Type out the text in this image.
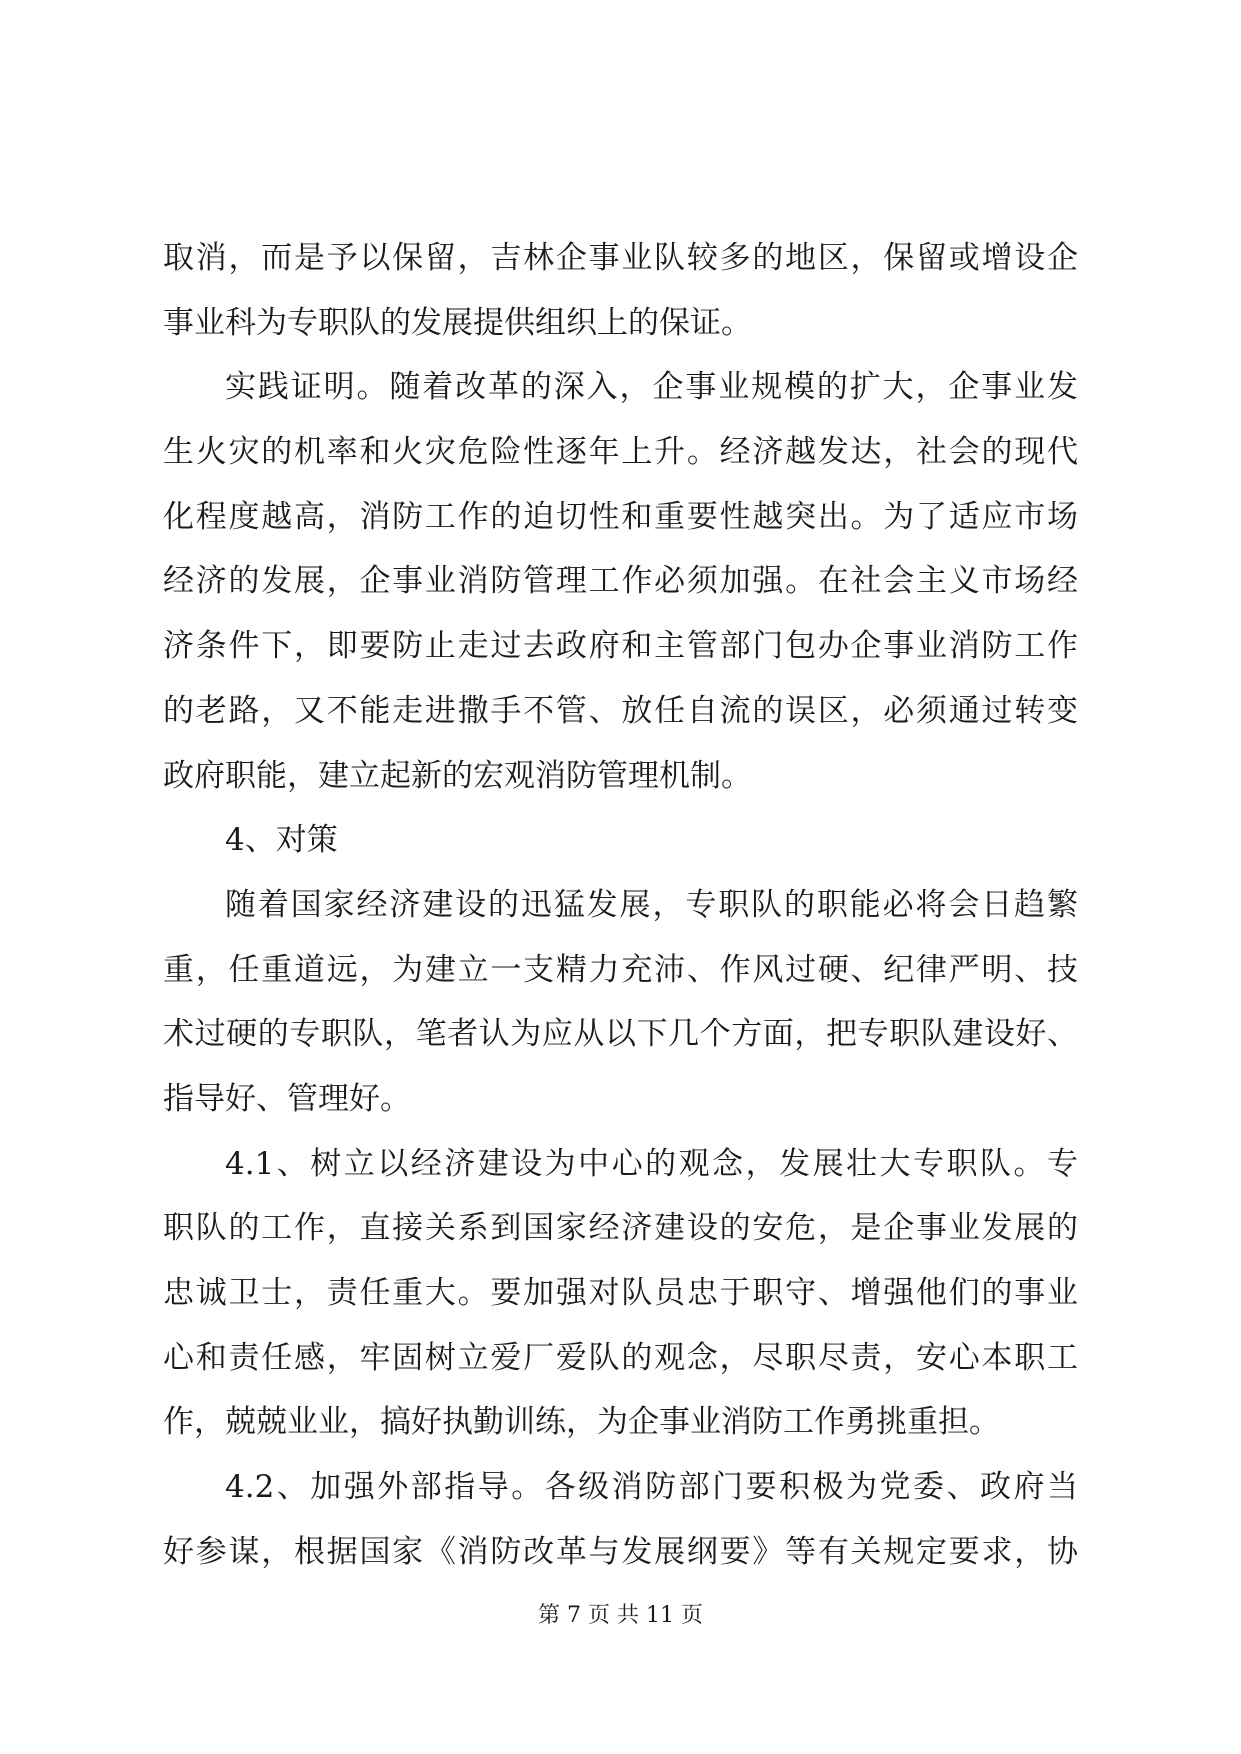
取消，而是予以保留，吉林企事业队较多的地区，保留或增设企
事业科为专职队的发展提供组织上的保证。
实践证明。随着改革的深入，企事业规模的扩大，企事业发
生火灾的机率和火灾危险性逐年上升。经济越发达，社会的现代
化程度越高，消防工作的迫切性和重要性越突出。为了适应市场
经济的发展，企事业消防管理工作必须加强。在社会主义市场经
济条件下，即要防止走过去政府和主管部门包办企事业消防工作
的老路，又不能走进撒手不管、放任自流的误区，必须通过转变
政府职能，建立起新的宏观消防管理机制。
4、对策
随着国家经济建设的迅猛发展，专职队的职能必将会日趋繁
重，任重道远，为建立一支精力充沛、作风过硬、纪律严明、技
术过硬的专职队，笔者认为应从以下几个方面，把专职队建设好、
指导好、管理好。
4.1、树立以经济建设为中心的观念，发展壮大专职队。专
职队的工作，直接关系到国家经济建设的安危，是企事业发展的
忠诚卫士，责任重大。要加强对队员忠于职守、增强他们的事业
心和责任感，牢固树立爱厂爱队的观念，尽职尽责，安心本职工
作，兢兢业业，搞好执勤训练，为企事业消防工作勇挑重担。
4.2、加强外部指导。各级消防部门要积极为党委、政府当
好参谋，根据国家《消防改革与发展纲要》等有关规定要求，协
第 7 页 共 11 页
